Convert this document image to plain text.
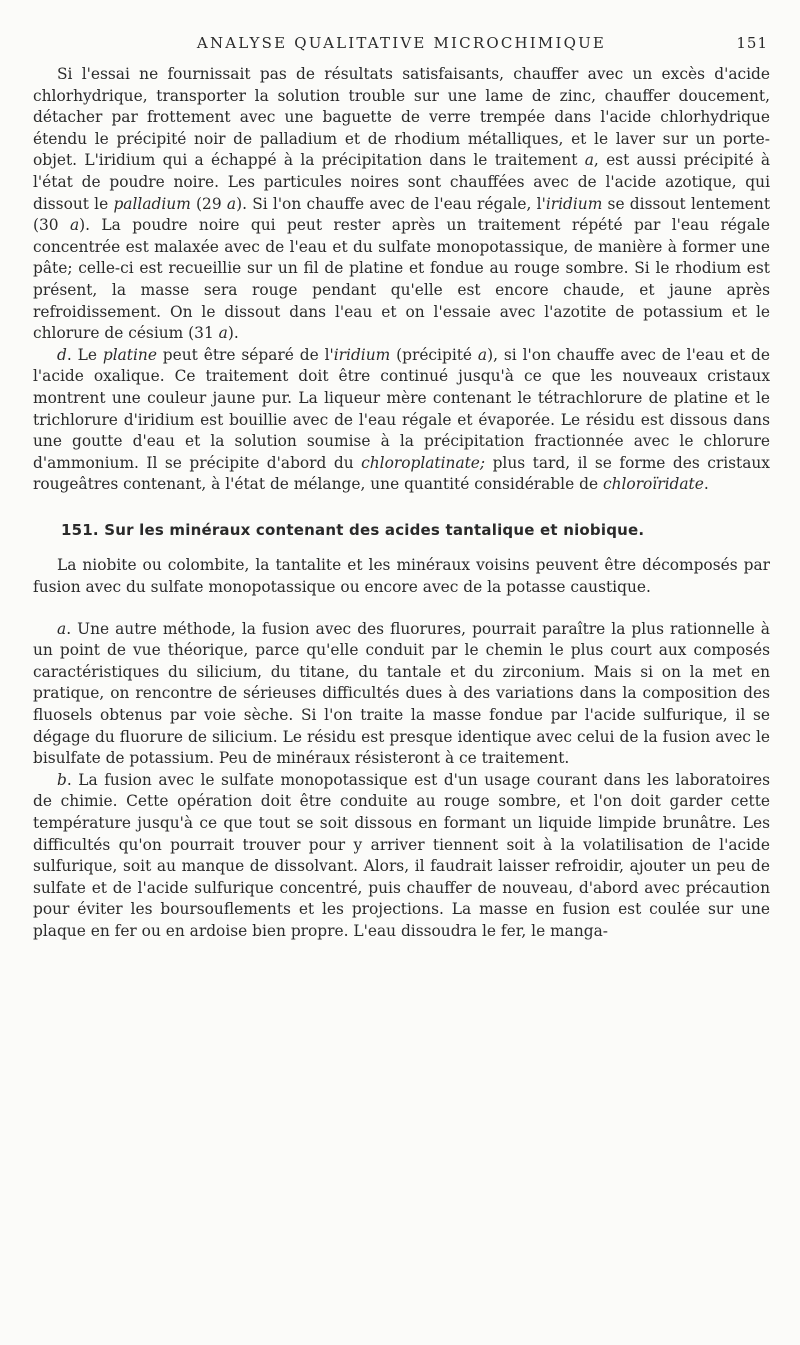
ANALYSE QUALITATIVE MICROCHIMIQUE	151

Si l'essai ne fournissait pas de résultats satisfaisants, chauffer avec un excès d'acide chlorhydrique, transporter la solution trouble sur une lame de zinc, chauffer doucement, détacher par frottement avec une baguette de verre trempée dans l'acide chlorhydrique étendu le précipité noir de palladium et de rhodium métalliques, et le laver sur un porte-objet. L'iridium qui a échappé à la précipitation dans le traitement a, est aussi précipité à l'état de poudre noire. Les particules noires sont chauffées avec de l'acide azotique, qui dissout le palladium (29 a). Si l'on chauffe avec de l'eau régale, l'iridium se dissout lentement (30 a). La poudre noire qui peut rester après un traitement répété par l'eau régale concentrée est malaxée avec de l'eau et du sulfate monopotassique, de manière à former une pâte; celle-ci est recueillie sur un fil de platine et fondue au rouge sombre. Si le rhodium est présent, la masse sera rouge pendant qu'elle est encore chaude, et jaune après refroidissement. On le dissout dans l'eau et on l'essaie avec l'azotite de potassium et le chlorure de césium (31 a).

d. Le platine peut être séparé de l'iridium (précipité a), si l'on chauffe avec de l'eau et de l'acide oxalique. Ce traitement doit être continué jusqu'à ce que les nouveaux cristaux montrent une couleur jaune pur. La liqueur mère contenant le tétrachlorure de platine et le trichlorure d'iridium est bouillie avec de l'eau régale et évaporée. Le résidu est dissous dans une goutte d'eau et la solution soumise à la précipitation fractionnée avec le chlorure d'ammonium. Il se précipite d'abord du chloroplatinate; plus tard, il se forme des cristaux rougeâtres contenant, à l'état de mélange, une quantité considérable de chloroïridate.

151. Sur les minéraux contenant des acides tantalique et niobique.

La niobite ou colombite, la tantalite et les minéraux voisins peuvent être décomposés par fusion avec du sulfate monopotassique ou encore avec de la potasse caustique.

a. Une autre méthode, la fusion avec des fluorures, pourrait paraître la plus rationnelle à un point de vue théorique, parce qu'elle conduit par le chemin le plus court aux composés caractéristiques du silicium, du titane, du tantale et du zirconium. Mais si on la met en pratique, on rencontre de sérieuses difficultés dues à des variations dans la composition des fluosels obtenus par voie sèche. Si l'on traite la masse fondue par l'acide sulfurique, il se dégage du fluorure de silicium. Le résidu est presque identique avec celui de la fusion avec le bisulfate de potassium. Peu de minéraux résisteront à ce traitement.

b. La fusion avec le sulfate monopotassique est d'un usage courant dans les laboratoires de chimie. Cette opération doit être conduite au rouge sombre, et l'on doit garder cette température jusqu'à ce que tout se soit dissous en formant un liquide limpide brunâtre. Les difficultés qu'on pourrait trouver pour y arriver tiennent soit à la volatilisation de l'acide sulfurique, soit au manque de dissolvant. Alors, il faudrait laisser refroidir, ajouter un peu de sulfate et de l'acide sulfurique concentré, puis chauffer de nouveau, d'abord avec précaution pour éviter les boursouflements et les projections. La masse en fusion est coulée sur une plaque en fer ou en ardoise bien propre. L'eau dissoudra le fer, le manga-
